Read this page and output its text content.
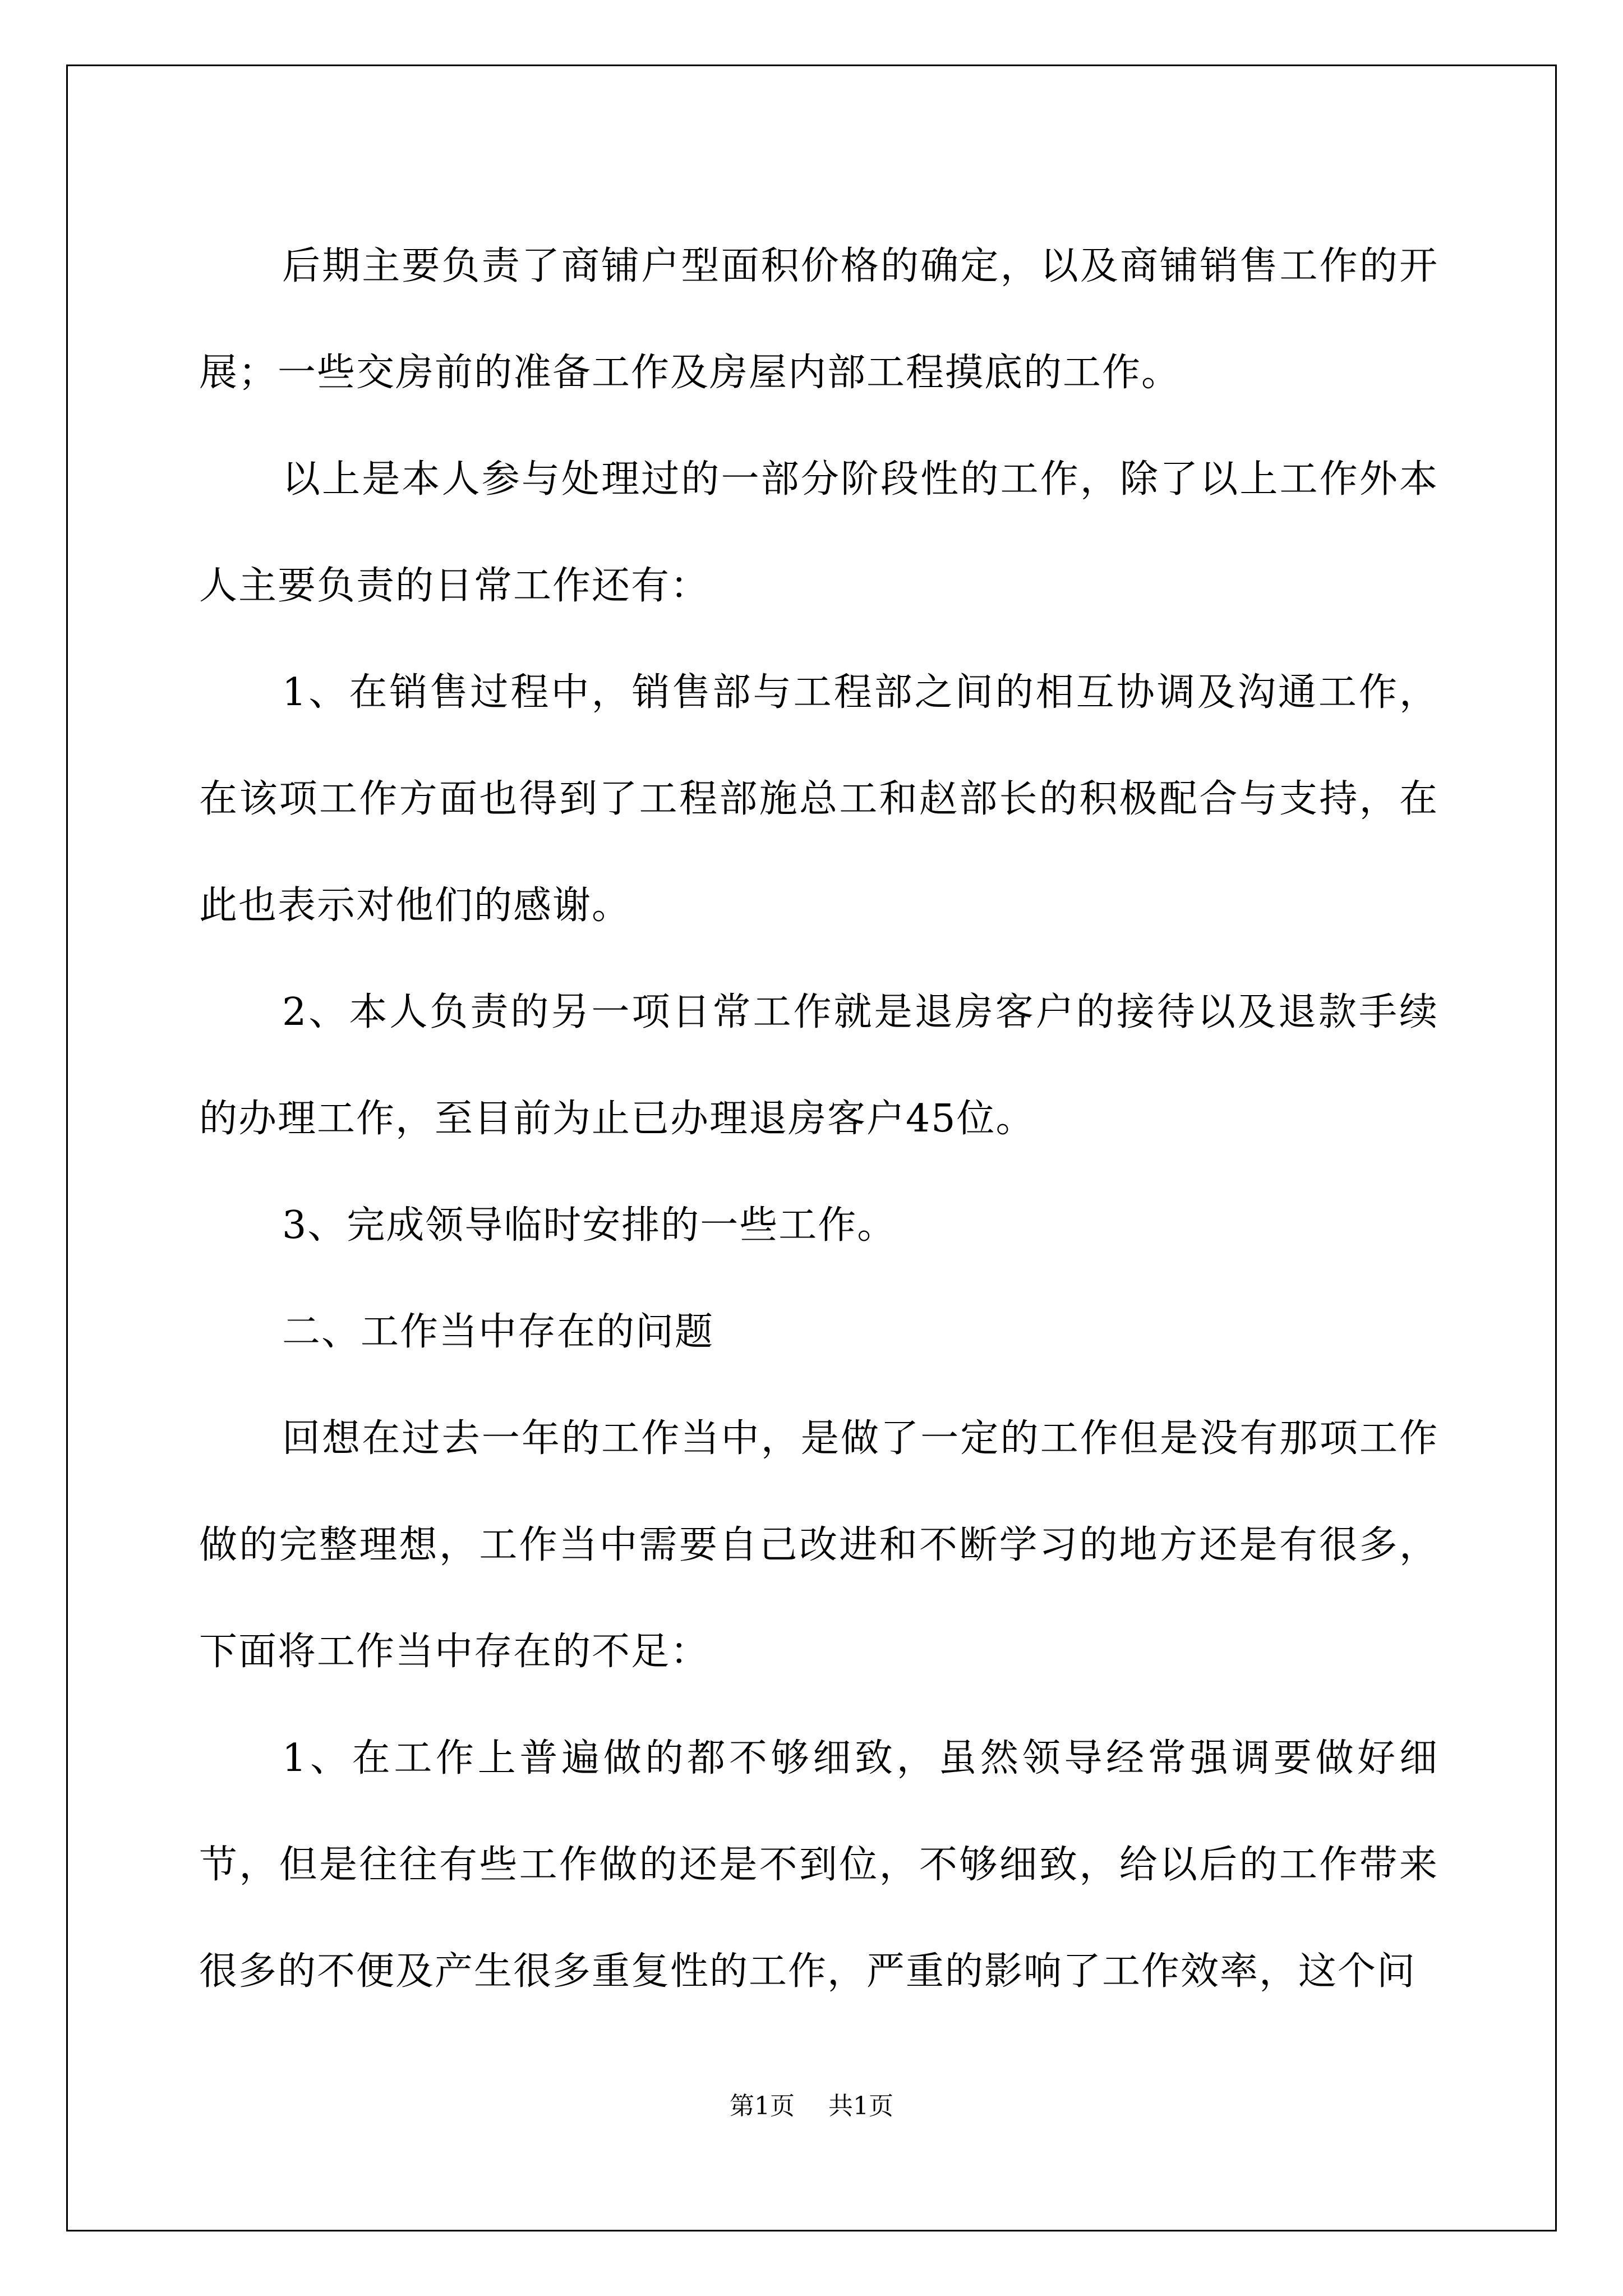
后期主要负责了商铺户型面积价格的确定，以及商铺销售工作的开展；一些交房前的准备工作及房屋内部工程摸底的工作。

以上是本人参与处理过的一部分阶段性的工作，除了以上工作外本人主要负责的日常工作还有：

1、在销售过程中，销售部与工程部之间的相互协调及沟通工作，在该项工作方面也得到了工程部施总工和赵部长的积极配合与支持，在此也表示对他们的感谢。

2、本人负责的另一项日常工作就是退房客户的接待以及退款手续的办理工作，至目前为止已办理退房客户45位。

3、完成领导临时安排的一些工作。

二、工作当中存在的问题

回想在过去一年的工作当中，是做了一定的工作但是没有那项工作做的完整理想，工作当中需要自己改进和不断学习的地方还是有很多，下面将工作当中存在的不足：

1、在工作上普遍做的都不够细致，虽然领导经常强调要做好细节，但是往往有些工作做的还是不到位，不够细致，给以后的工作带来很多的不便及产生很多重复性的工作，严重的影响了工作效率，这个问

第1页 共1页
